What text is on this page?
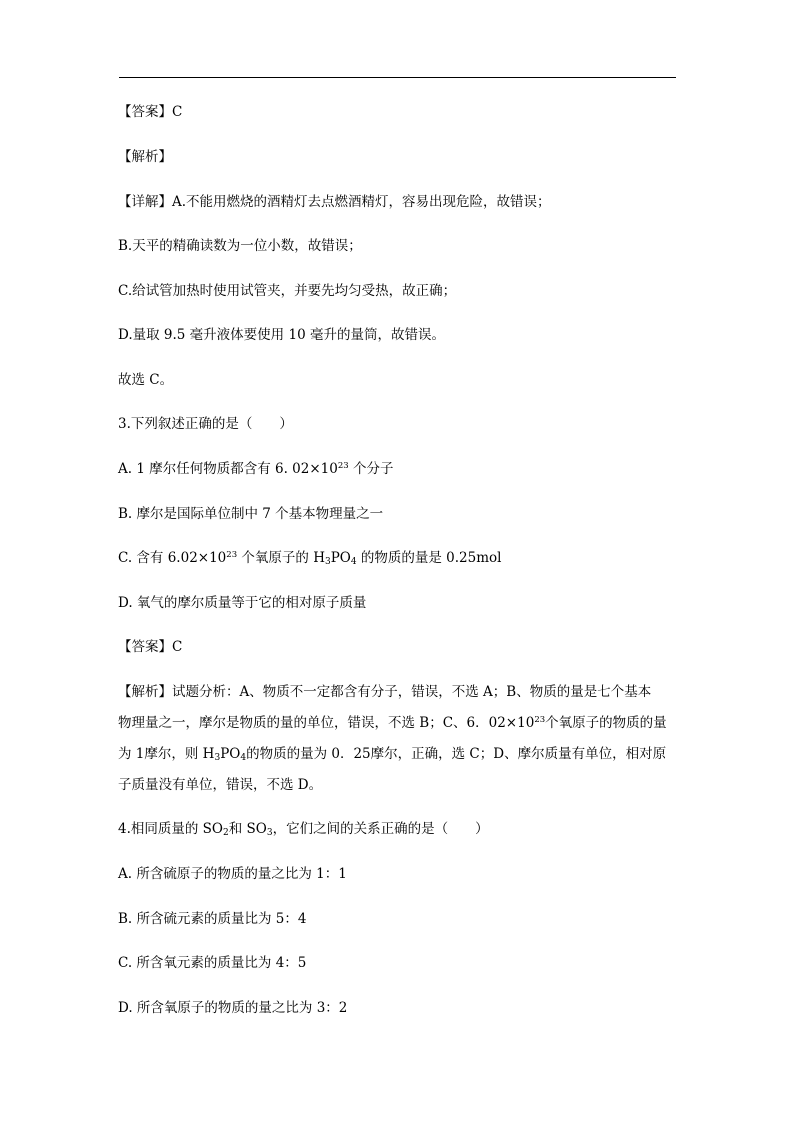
【答案】C
【解析】
【详解】A.不能用燃烧的酒精灯去点燃酒精灯，容易出现危险，故错误；
B.天平的精确读数为一位小数，故错误；
C.给试管加热时使用试管夹，并要先均匀受热，故正确；
D.量取 9.5 毫升液体要使用 10 毫升的量筒，故错误。
故选 C。
3.下列叙述正确的是（　　）
A. 1 摩尔任何物质都含有 6. $02\times 10^{23}$ 个分子
B. 摩尔是国际单位制中 7 个基本物理量之一
C. 含有 $6.02\times 10^{23}$ 个氧原子的 $H_3PO_4$ 的物质的量是 0.25mol
D. 氧气的摩尔质量等于它的相对原子质量
【答案】C
【解析】试题分析：A、物质不一定都含有分子，错误，不选 A；B、物质的量是七个基本
物理量之一，摩尔是物质的量的单位，错误，不选 B；C、6．$02\times 10^{23}$个氧原子的物质的量
为 1摩尔，则 $H_3PO_4$的物质的量为 0．25摩尔，正确，选 C；D、摩尔质量有单位，相对原
子质量没有单位，错误，不选 D。
4.相同质量的 $SO_2$和 $SO_3$，它们之间的关系正确的是（　　）
A. 所含硫原子的物质的量之比为 1：1
B. 所含硫元素的质量比为 5：4
C. 所含氧元素的质量比为 4：5
D. 所含氧原子的物质的量之比为 3：2
